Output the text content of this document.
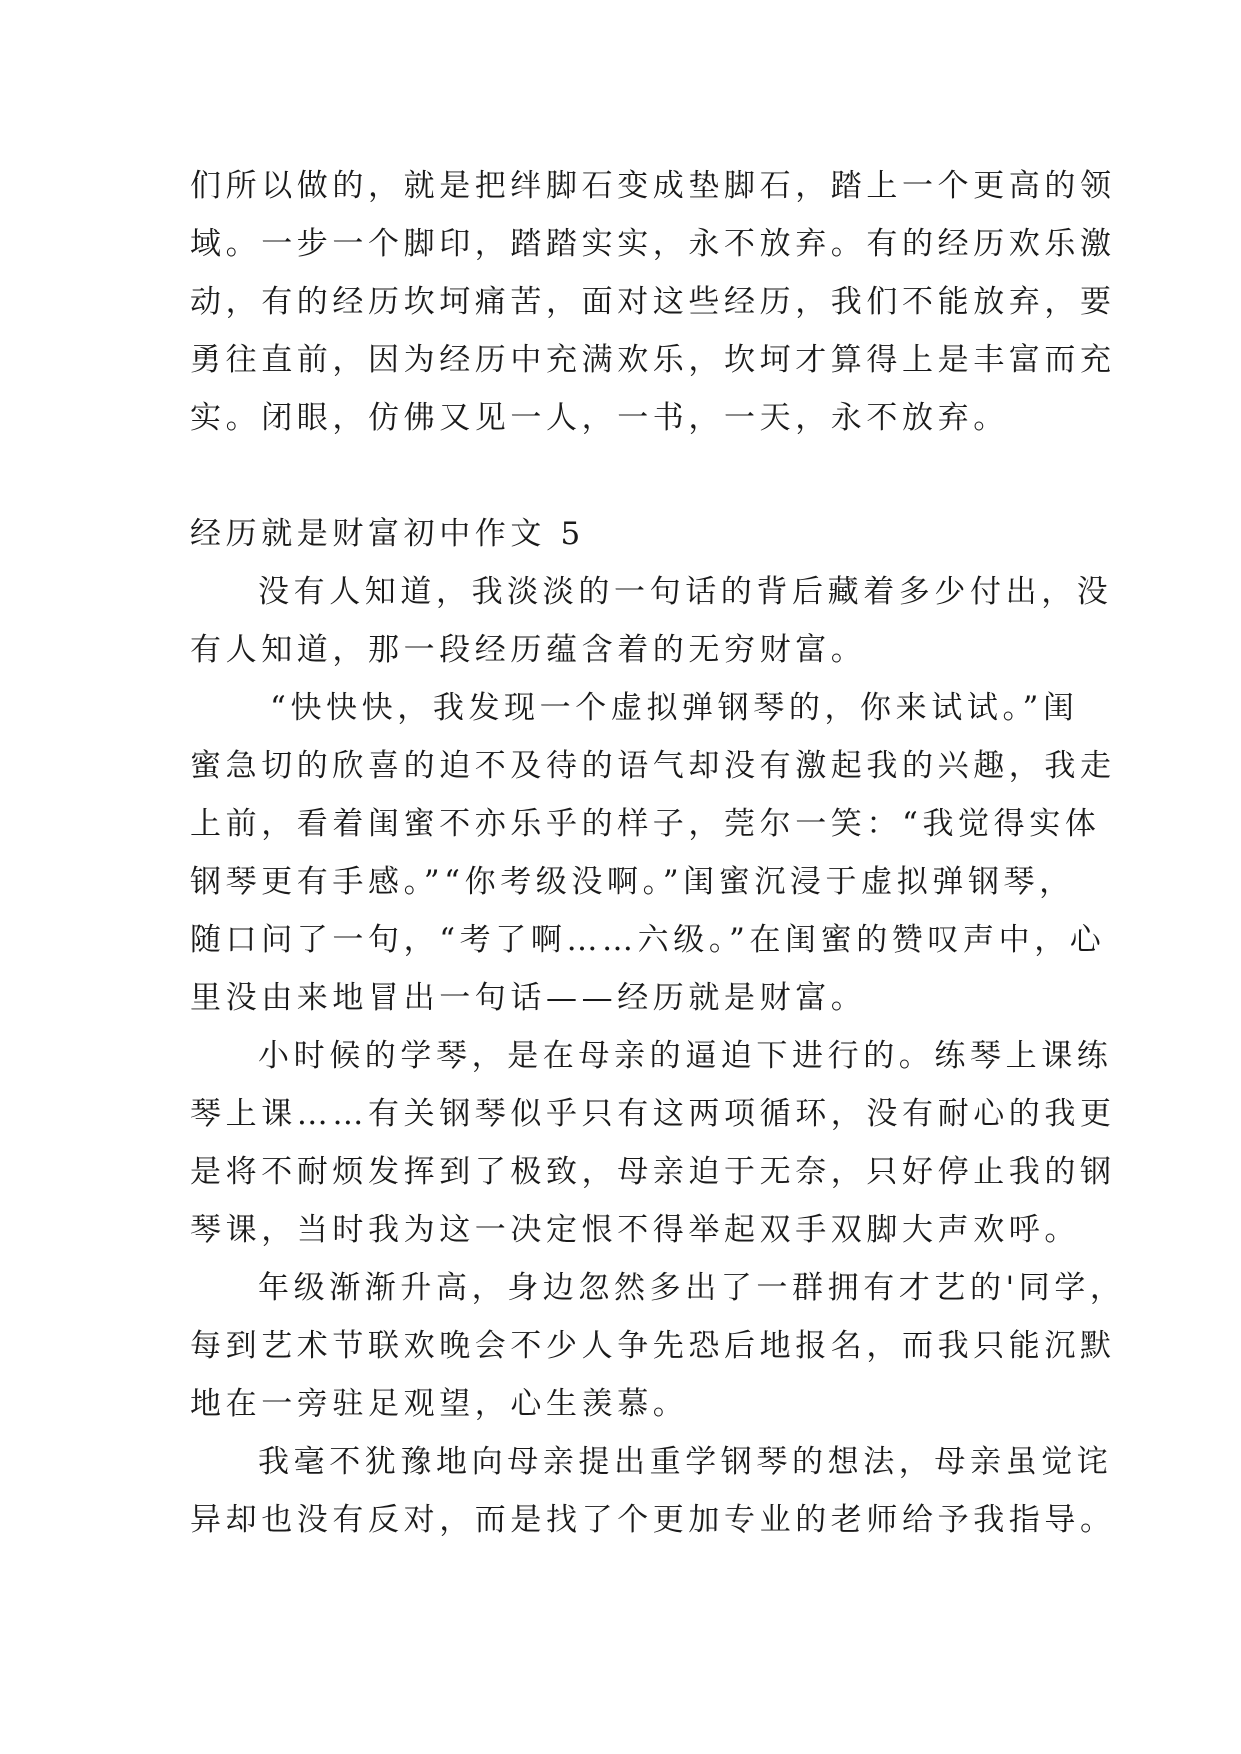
们所以做的，就是把绊脚石变成垫脚石，踏上一个更高的领
域。一步一个脚印，踏踏实实，永不放弃。有的经历欢乐激
动，有的经历坎坷痛苦，面对这些经历，我们不能放弃，要
勇往直前，因为经历中充满欢乐，坎坷才算得上是丰富而充
实。闭眼，仿佛又见一人，一书，一天，永不放弃。
经历就是财富初中作文 5
没有人知道，我淡淡的一句话的背后藏着多少付出，没
有人知道，那一段经历蕴含着的无穷财富。
“快快快，我发现一个虚拟弹钢琴的，你来试试。”闺
蜜急切的欣喜的迫不及待的语气却没有激起我的兴趣，我走
上前，看着闺蜜不亦乐乎的样子，莞尔一笑：“我觉得实体
钢琴更有手感。”“你考级没啊。”闺蜜沉浸于虚拟弹钢琴，
随口问了一句，“考了啊……六级。”在闺蜜的赞叹声中，心
里没由来地冒出一句话——经历就是财富。
小时候的学琴，是在母亲的逼迫下进行的。练琴上课练
琴上课……有关钢琴似乎只有这两项循环，没有耐心的我更
是将不耐烦发挥到了极致，母亲迫于无奈，只好停止我的钢
琴课，当时我为这一决定恨不得举起双手双脚大声欢呼。
年级渐渐升高，身边忽然多出了一群拥有才艺的'同学，
每到艺术节联欢晚会不少人争先恐后地报名，而我只能沉默
地在一旁驻足观望，心生羡慕。
我毫不犹豫地向母亲提出重学钢琴的想法，母亲虽觉诧
异却也没有反对，而是找了个更加专业的老师给予我指导。
